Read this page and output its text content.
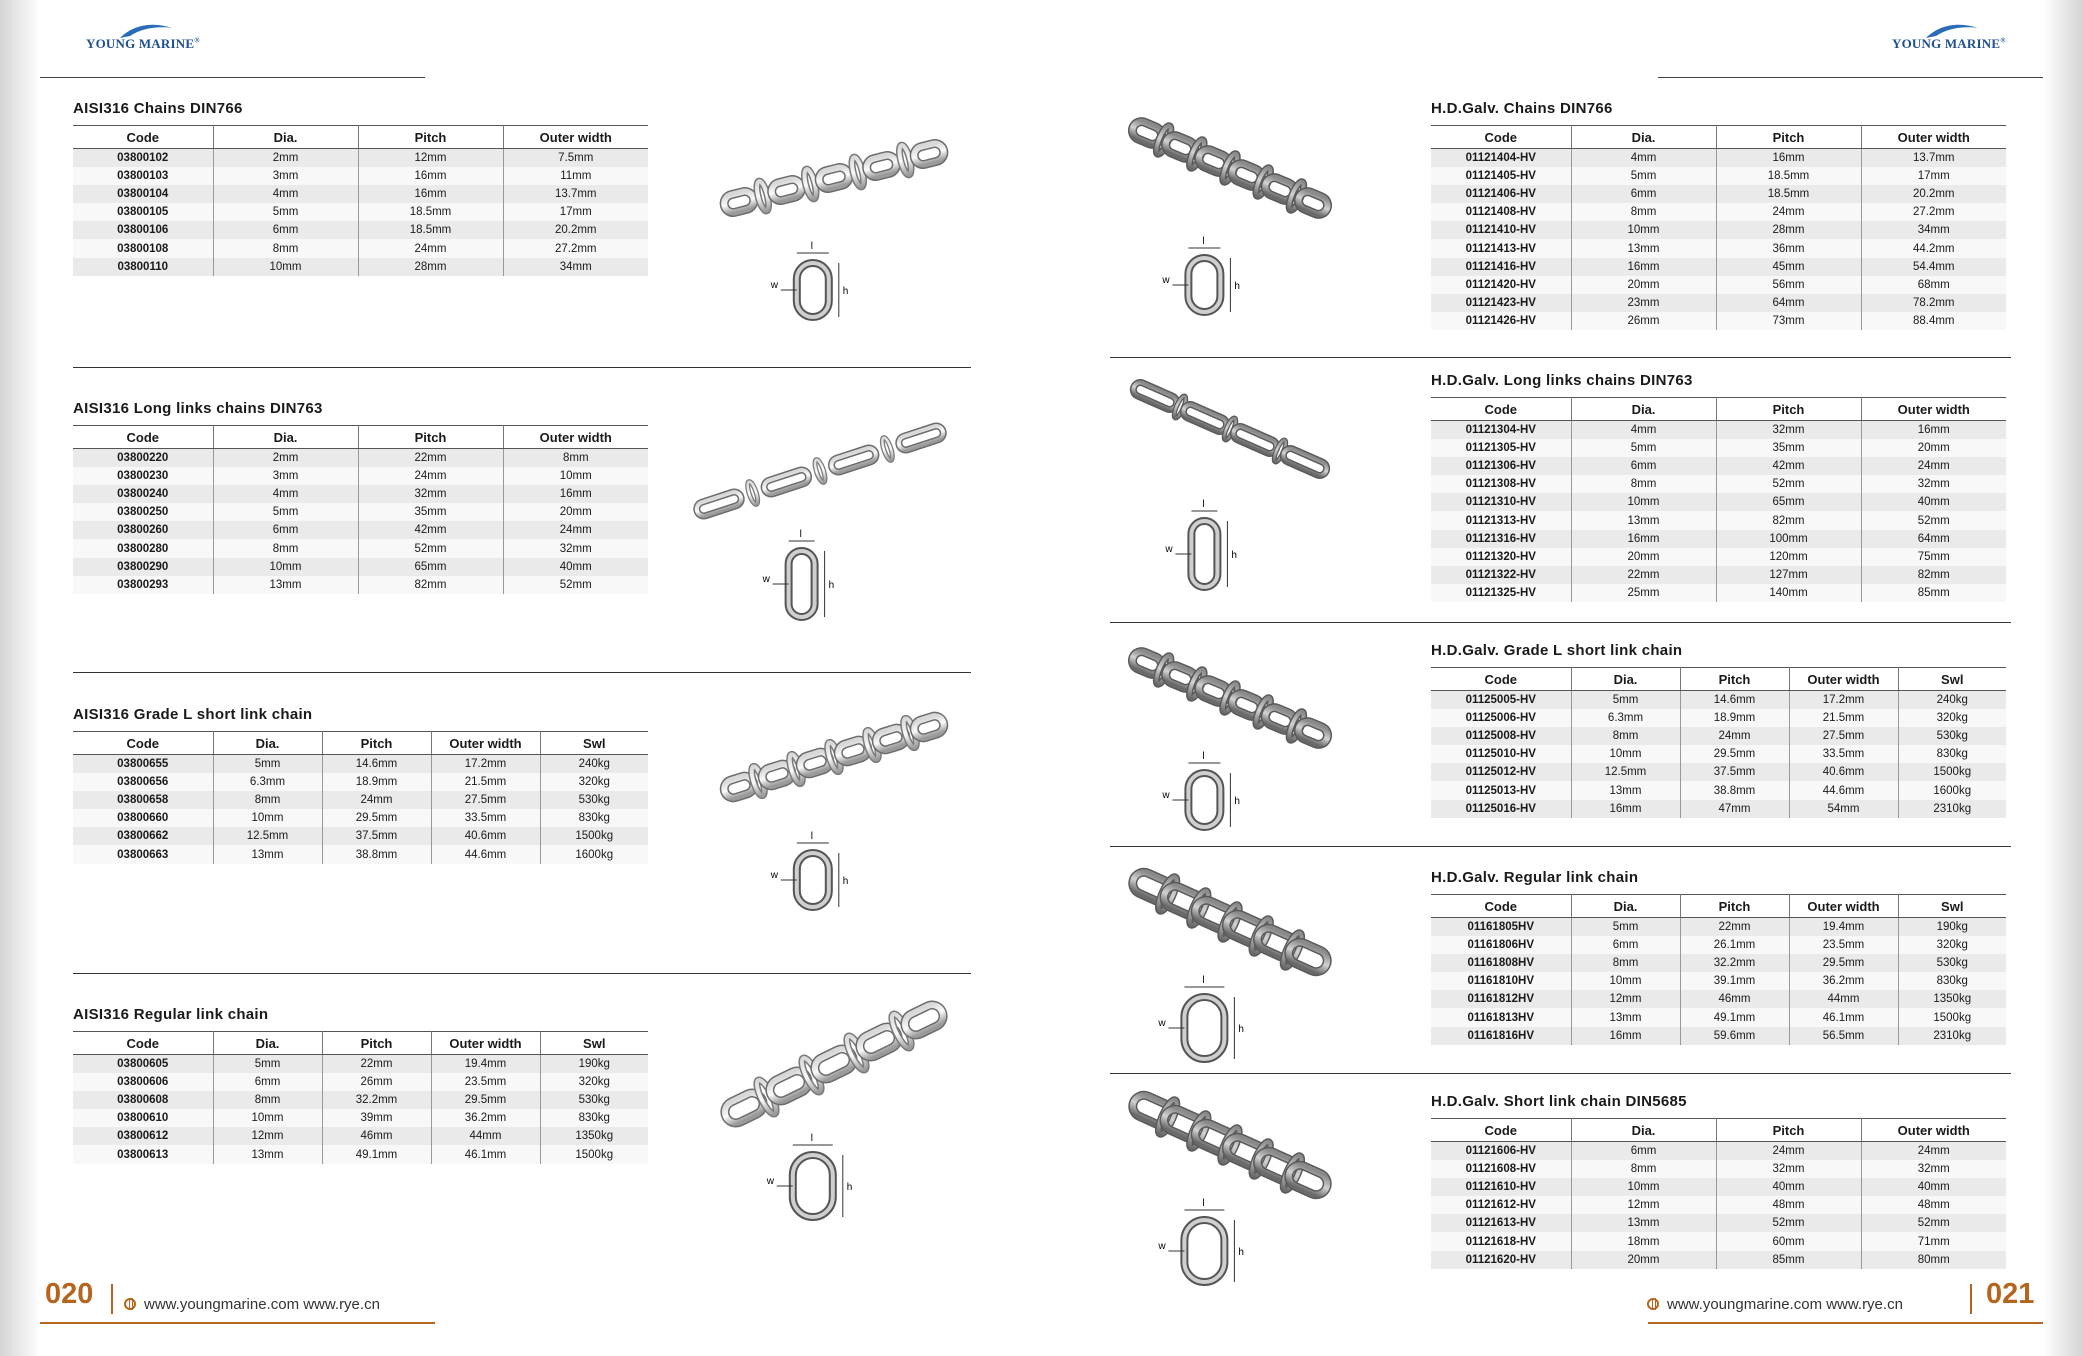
YOUNG MARINE®	YOUNG MARINE®
AISI316 Chains DIN766
Code	Dia.	Pitch	Outer width
03800102	2mm	12mm	7.5mm
03800103	3mm	16mm	11mm
03800104	4mm	16mm	13.7mm
03800105	5mm	18.5mm	17mm
03800106	6mm	18.5mm	20.2mm
03800108	8mm	24mm	27.2mm
03800110	10mm	28mm	34mm
AISI316 Long links chains DIN763
Code	Dia.	Pitch	Outer width
03800220	2mm	22mm	8mm
03800230	3mm	24mm	10mm
03800240	4mm	32mm	16mm
03800250	5mm	35mm	20mm
03800260	6mm	42mm	24mm
03800280	8mm	52mm	32mm
03800290	10mm	65mm	40mm
03800293	13mm	82mm	52mm
AISI316 Grade L short link chain
Code	Dia.	Pitch	Outer width	Swl
03800655	5mm	14.6mm	17.2mm	240kg
03800656	6.3mm	18.9mm	21.5mm	320kg
03800658	8mm	24mm	27.5mm	530kg
03800660	10mm	29.5mm	33.5mm	830kg
03800662	12.5mm	37.5mm	40.6mm	1500kg
03800663	13mm	38.8mm	44.6mm	1600kg
AISI316 Regular link chain
Code	Dia.	Pitch	Outer width	Swl
03800605	5mm	22mm	19.4mm	190kg
03800606	6mm	26mm	23.5mm	320kg
03800608	8mm	32.2mm	29.5mm	530kg
03800610	10mm	39mm	36.2mm	830kg
03800612	12mm	46mm	44mm	1350kg
03800613	13mm	49.1mm	46.1mm	1500kg
H.D.Galv. Chains DIN766
Code	Dia.	Pitch	Outer width
01121404-HV	4mm	16mm	13.7mm
01121405-HV	5mm	18.5mm	17mm
01121406-HV	6mm	18.5mm	20.2mm
01121408-HV	8mm	24mm	27.2mm
01121410-HV	10mm	28mm	34mm
01121413-HV	13mm	36mm	44.2mm
01121416-HV	16mm	45mm	54.4mm
01121420-HV	20mm	56mm	68mm
01121423-HV	23mm	64mm	78.2mm
01121426-HV	26mm	73mm	88.4mm
H.D.Galv. Long links chains DIN763
Code	Dia.	Pitch	Outer width
01121304-HV	4mm	32mm	16mm
01121305-HV	5mm	35mm	20mm
01121306-HV	6mm	42mm	24mm
01121308-HV	8mm	52mm	32mm
01121310-HV	10mm	65mm	40mm
01121313-HV	13mm	82mm	52mm
01121316-HV	16mm	100mm	64mm
01121320-HV	20mm	120mm	75mm
01121322-HV	22mm	127mm	82mm
01121325-HV	25mm	140mm	85mm
H.D.Galv. Grade L short link chain
Code	Dia.	Pitch	Outer width	Swl
01125005-HV	5mm	14.6mm	17.2mm	240kg
01125006-HV	6.3mm	18.9mm	21.5mm	320kg
01125008-HV	8mm	24mm	27.5mm	530kg
01125010-HV	10mm	29.5mm	33.5mm	830kg
01125012-HV	12.5mm	37.5mm	40.6mm	1500kg
01125013-HV	13mm	38.8mm	44.6mm	1600kg
01125016-HV	16mm	47mm	54mm	2310kg
H.D.Galv. Regular link chain
Code	Dia.	Pitch	Outer width	Swl
01161805HV	5mm	22mm	19.4mm	190kg
01161806HV	6mm	26.1mm	23.5mm	320kg
01161808HV	8mm	32.2mm	29.5mm	530kg
01161810HV	10mm	39.1mm	36.2mm	830kg
01161812HV	12mm	46mm	44mm	1350kg
01161813HV	13mm	49.1mm	46.1mm	1500kg
01161816HV	16mm	59.6mm	56.5mm	2310kg
H.D.Galv. Short link chain DIN5685
Code	Dia.	Pitch	Outer width
01121606-HV	6mm	24mm	24mm
01121608-HV	8mm	32mm	32mm
01121610-HV	10mm	40mm	40mm
01121612-HV	12mm	48mm	48mm
01121613-HV	13mm	52mm	52mm
01121618-HV	18mm	60mm	71mm
01121620-HV	20mm	85mm	80mm
l
h
w
l
h
w
l
h
w
l
h
w
l
h
w
l
h
w
l
h
w
l
h
w
l
h
w
020	www.youngmarine.com www.rye.cn	www.youngmarine.com www.rye.cn	021
